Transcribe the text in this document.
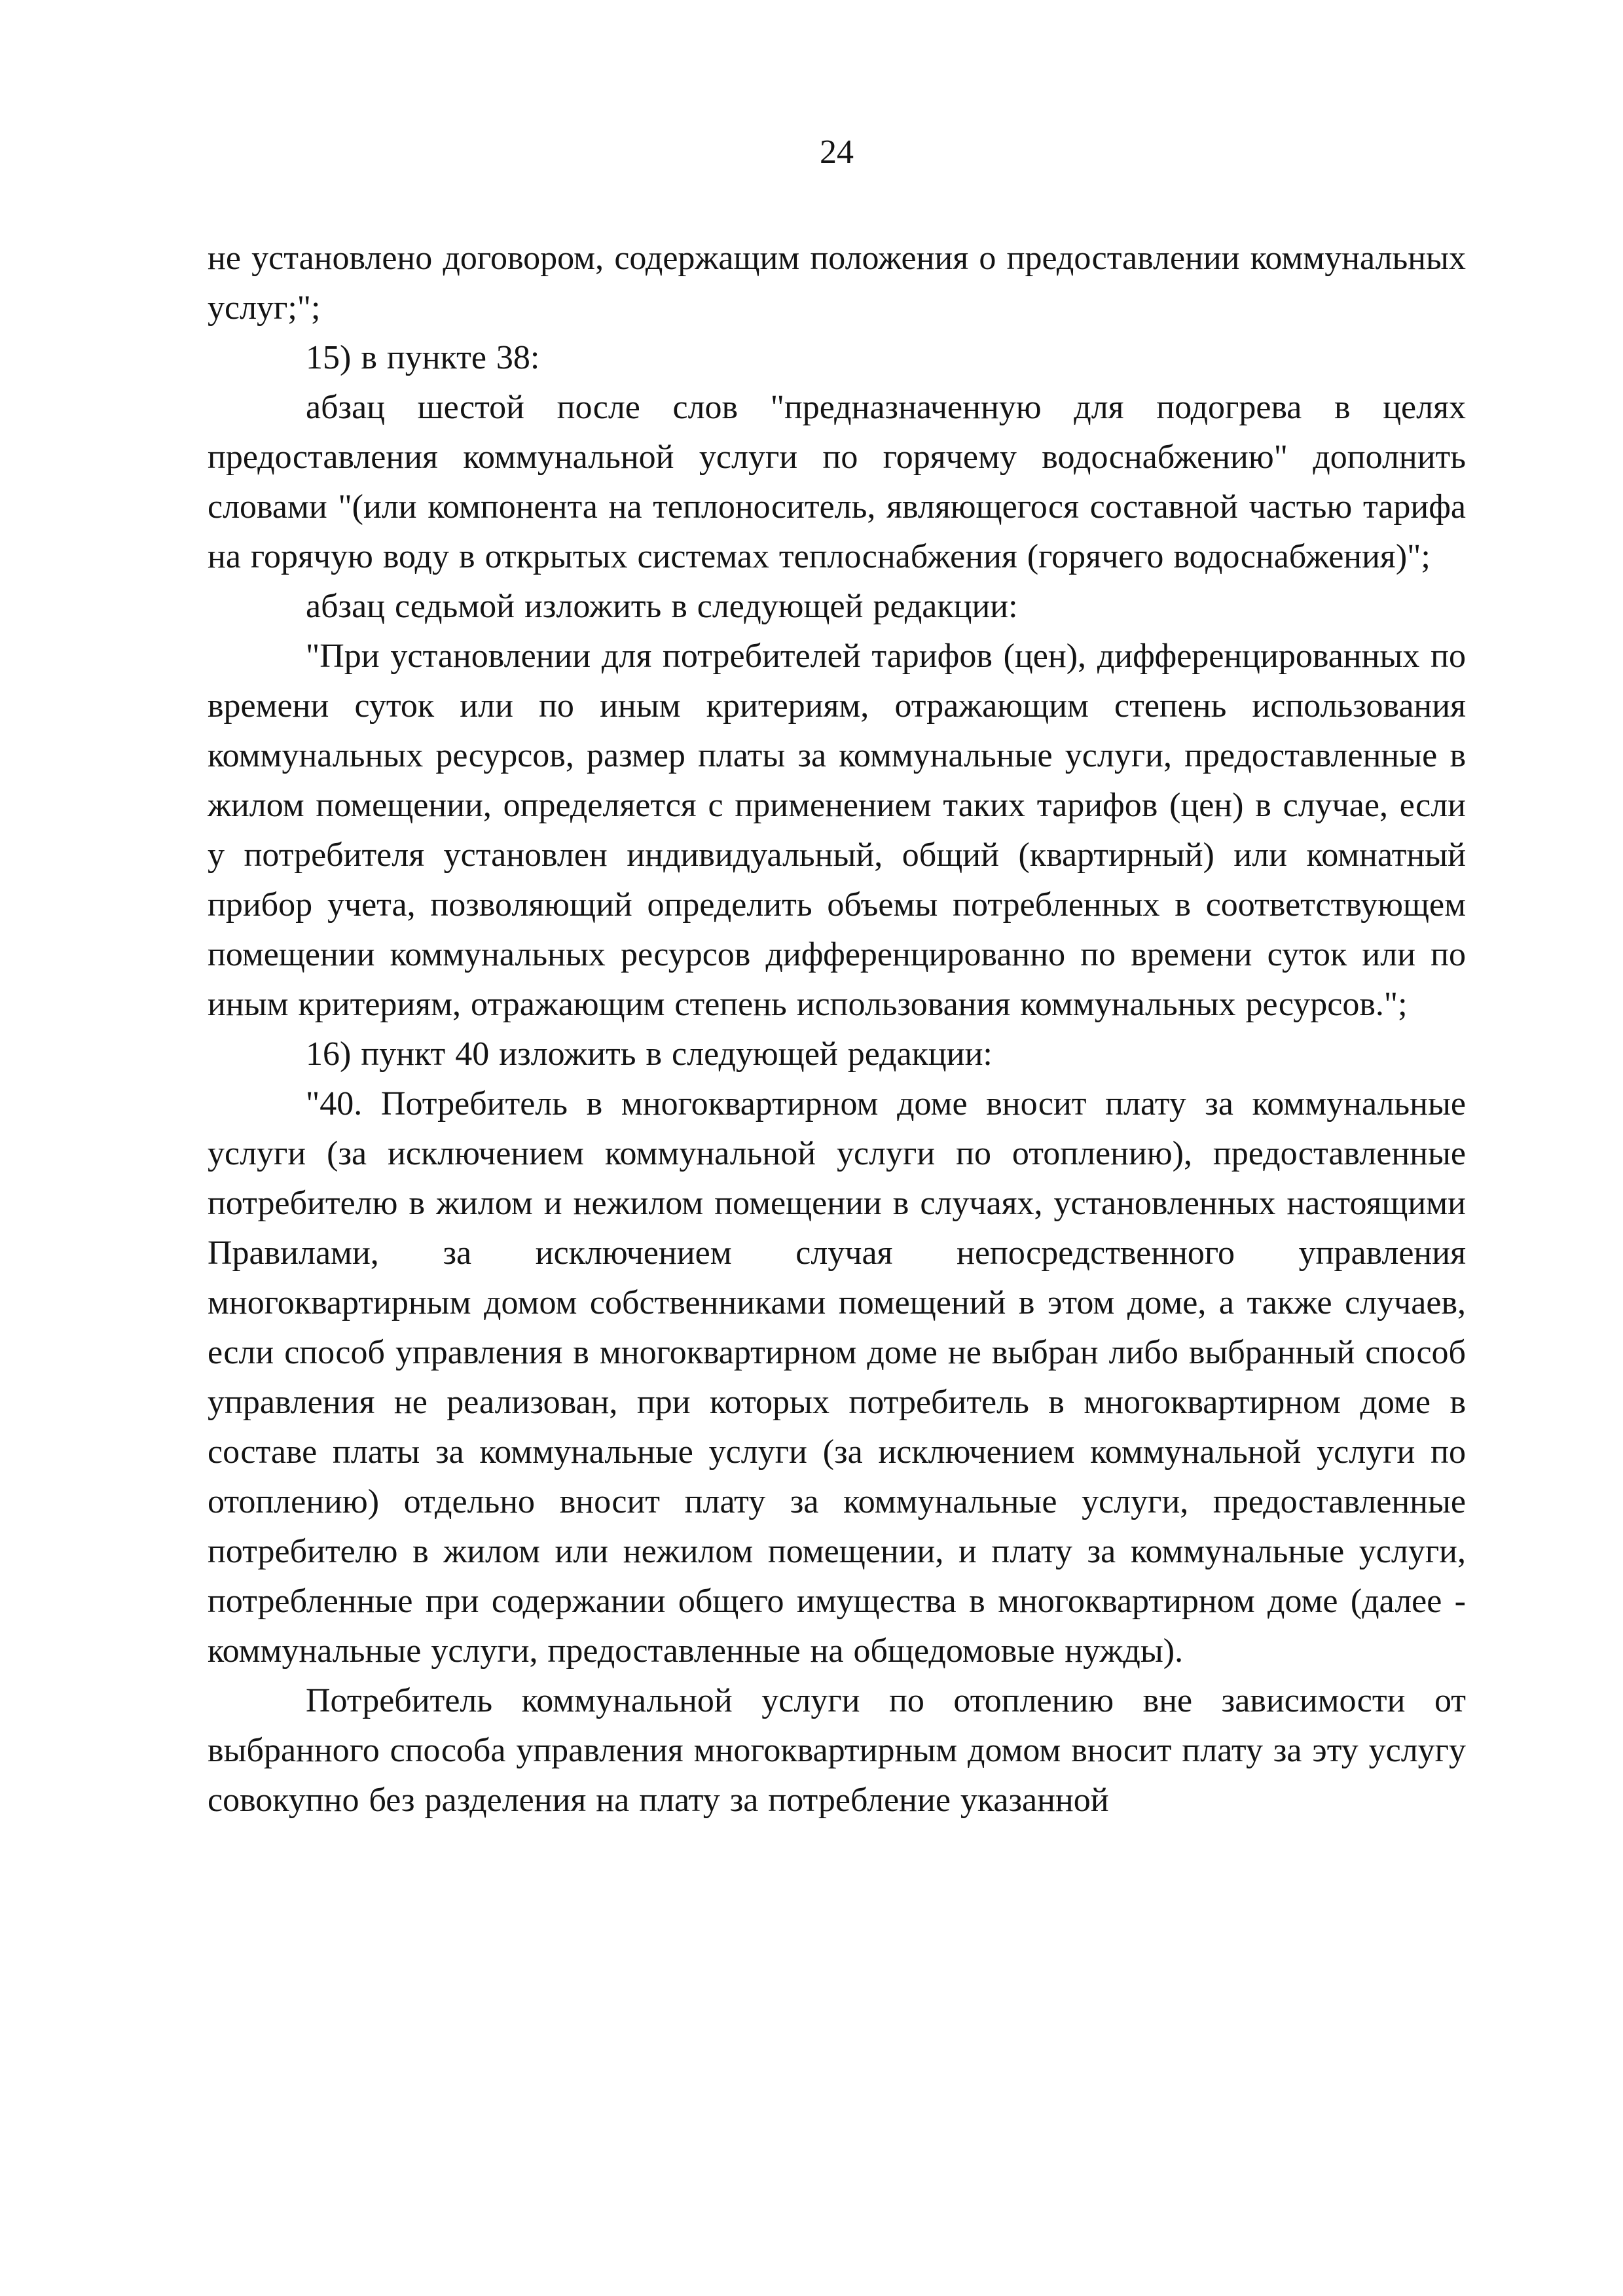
24

не установлено договором, содержащим положения о предоставлении коммунальных услуг;";

15) в пункте 38:

абзац шестой после слов "предназначенную для подогрева в целях предоставления коммунальной услуги по горячему водоснабжению" дополнить словами "(или компонента на теплоноситель, являющегося составной частью тарифа на горячую воду в открытых системах теплоснабжения (горячего водоснабжения)";

абзац седьмой изложить в следующей редакции:

"При установлении для потребителей тарифов (цен), дифференцированных по времени суток или по иным критериям, отражающим степень использования коммунальных ресурсов, размер платы за коммунальные услуги, предоставленные в жилом помещении, определяется с применением таких тарифов (цен) в случае, если у потребителя установлен индивидуальный, общий (квартирный) или комнатный прибор учета, позволяющий определить объемы потребленных в соответствующем помещении коммунальных ресурсов дифференцированно по времени суток или по иным критериям, отражающим степень использования коммунальных ресурсов.";

16) пункт 40 изложить в следующей редакции:

"40. Потребитель в многоквартирном доме вносит плату за коммунальные услуги (за исключением коммунальной услуги по отоплению), предоставленные потребителю в жилом и нежилом помещении в случаях, установленных настоящими Правилами, за исключением случая непосредственного управления многоквартирным домом собственниками помещений в этом доме, а также случаев, если способ управления в многоквартирном доме не выбран либо выбранный способ управления не реализован, при которых потребитель в многоквартирном доме в составе платы за коммунальные услуги (за исключением коммунальной услуги по отоплению) отдельно вносит плату за коммунальные услуги, предоставленные потребителю в жилом или нежилом помещении, и плату за коммунальные услуги, потребленные при содержании общего имущества в многоквартирном доме (далее - коммунальные услуги, предоставленные на общедомовые нужды).

Потребитель коммунальной услуги по отоплению вне зависимости от выбранного способа управления многоквартирным домом вносит плату за эту услугу совокупно без разделения на плату за потребление указанной
